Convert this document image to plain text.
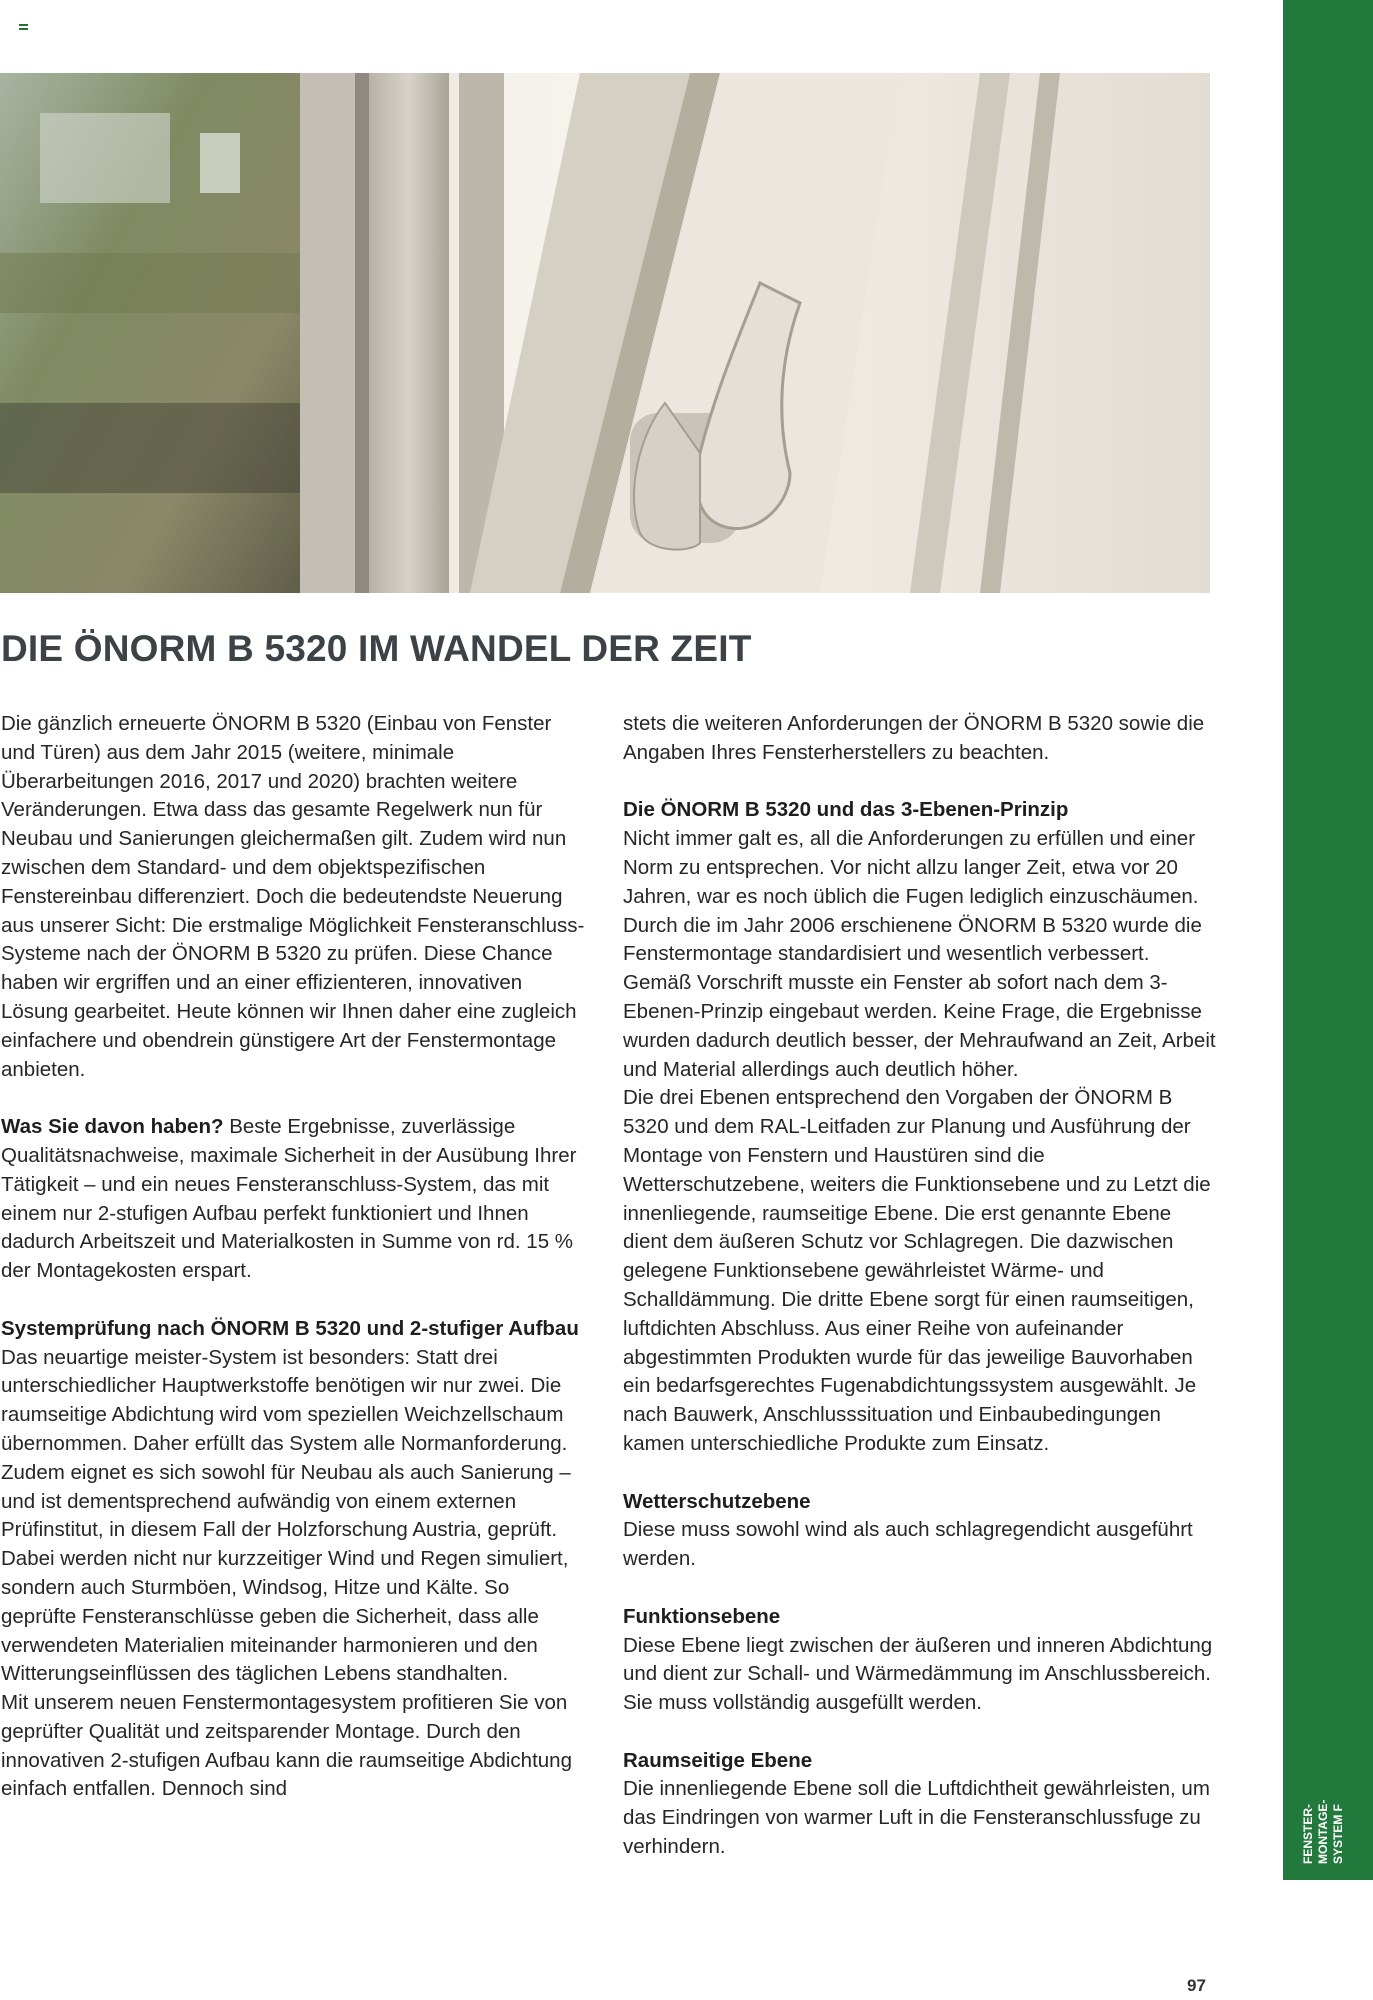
FENSTER-
MONTAGE-
SYSTEM F
DIE ÖNORM B 5320 IM WANDEL DER ZEIT

Die gänzlich erneuerte ÖNORM B 5320 (Einbau von Fenster und Türen) aus dem Jahr 2015 (weitere, minimale Überarbeitungen 2016, 2017 und 2020) brachten weitere Veränderungen. Etwa dass das gesamte Regelwerk nun für Neubau und Sanierungen gleichermaßen gilt. Zudem wird nun zwischen dem Standard- und dem objektspezifischen Fenstereinbau differenziert. Doch die bedeutendste Neuerung aus unserer Sicht: Die erstmalige Möglichkeit Fensteranschluss-Systeme nach der ÖNORM B 5320 zu prüfen. Diese Chance haben wir ergriffen und an einer effizienteren, innovativen Lösung gearbeitet. Heute können wir Ihnen daher eine zugleich einfachere und obendrein günstigere Art der Fenstermontage anbieten.

Was Sie davon haben? Beste Ergebnisse, zuverlässige Qualitätsnachweise, maximale Sicherheit in der Ausübung Ihrer Tätigkeit – und ein neues Fensteranschluss-System, das mit einem nur 2-stufigen Aufbau perfekt funktioniert und Ihnen dadurch Arbeitszeit und Materialkosten in Summe von rd. 15 % der Montagekosten erspart.

Systemprüfung nach ÖNORM B 5320 und 2-stufiger Aufbau

Das neuartige meister-System ist besonders: Statt drei unterschiedlicher Hauptwerkstoffe benötigen wir nur zwei. Die raumseitige Abdichtung wird vom speziellen Weichzellschaum übernommen. Daher erfüllt das System alle Normanforderung. Zudem eignet es sich sowohl für Neubau als auch Sanierung – und ist dementsprechend aufwändig von einem externen Prüfinstitut, in diesem Fall der Holzforschung Austria, geprüft.

Dabei werden nicht nur kurzzeitiger Wind und Regen simuliert, sondern auch Sturmböen, Windsog, Hitze und Kälte. So geprüfte Fensteranschlüsse geben die Sicherheit, dass alle verwendeten Materialien miteinander harmonieren und den Witterungseinflüssen des täglichen Lebens standhalten.

Mit unserem neuen Fenstermontagesystem profitieren Sie von geprüfter Qualität und zeitsparender Montage. Durch den innovativen 2-stufigen Aufbau kann die raumseitige Abdichtung einfach entfallen. Dennoch sind

stets die weiteren Anforderungen der ÖNORM B 5320 sowie die Angaben Ihres Fensterherstellers zu beachten.

Die ÖNORM B 5320 und das 3-Ebenen-Prinzip

Nicht immer galt es, all die Anforderungen zu erfüllen und einer Norm zu entsprechen. Vor nicht allzu langer Zeit, etwa vor 20 Jahren, war es noch üblich die Fugen lediglich einzuschäumen. Durch die im Jahr 2006 erschienene ÖNORM B 5320 wurde die Fenstermontage standardisiert und wesentlich verbessert. Gemäß Vorschrift musste ein Fenster ab sofort nach dem 3-Ebenen-Prinzip eingebaut werden. Keine Frage, die Ergebnisse wurden dadurch deutlich besser, der Mehraufwand an Zeit, Arbeit und Material allerdings auch deutlich höher.

Die drei Ebenen entsprechend den Vorgaben der ÖNORM B 5320 und dem RAL-Leitfaden zur Planung und Ausführung der Montage von Fenstern und Haustüren sind die Wetterschutzebene, weiters die Funktionsebene und zu Letzt die innenliegende, raumseitige Ebene. Die erst genannte Ebene dient dem äußeren Schutz vor Schlagregen. Die dazwischen gelegene Funktionsebene gewährleistet Wärme- und Schalldämmung. Die dritte Ebene sorgt für einen raumseitigen, luftdichten Abschluss. Aus einer Reihe von aufeinander abgestimmten Produkten wurde für das jeweilige Bauvorhaben ein bedarfsgerechtes Fugenabdichtungssystem ausgewählt. Je nach Bauwerk, Anschlusssituation und Einbaubedingungen kamen unterschiedliche Produkte zum Einsatz.

Wetterschutzebene

Diese muss sowohl wind als auch schlagregendicht ausgeführt werden.

Funktionsebene

Diese Ebene liegt zwischen der äußeren und inneren Abdichtung und dient zur Schall- und Wärmedämmung im Anschlussbereich. Sie muss vollständig ausgefüllt werden.

Raumseitige Ebene

Die innenliegende Ebene soll die Luftdichtheit gewährleisten, um das Eindringen von warmer Luft in die Fensteranschlussfuge zu verhindern.

97
